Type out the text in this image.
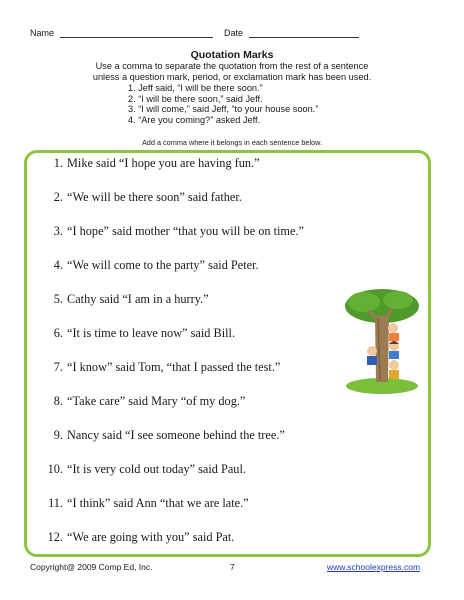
Name	Date
Quotation Marks
Use a comma to separate the quotation from the rest of a sentence
unless a question mark, period, or exclamation mark has been used.
1. Jeff said, “I will be there soon.”
2. “I will be there soon,” said Jeff.
3. “I will come,” said Jeff, “to your house soon.”
4. “Are you coming?” asked Jeff.
Add a comma where it belongs in each sentence below.
1. Mike said “I hope you are having fun.”
2. “We will be there soon” said father.
3. “I hope” said mother “that you will be on time.”
4. “We will come to the party” said Peter.
5. Cathy said “I am in a hurry.”
6. “It is time to leave now” said Bill.
7. “I know” said Tom, “that I passed the test.”
8. “Take care” said Mary “of my dog.”
9. Nancy said “I see someone behind the tree.”
10. “It is very cold out today” said Paul.
11. “I think” said Ann “that we are late.”
12. “We are going with you” said Pat.
Copyright@ 2009 Comp Ed, Inc.	7	www.schoolexpress.com
